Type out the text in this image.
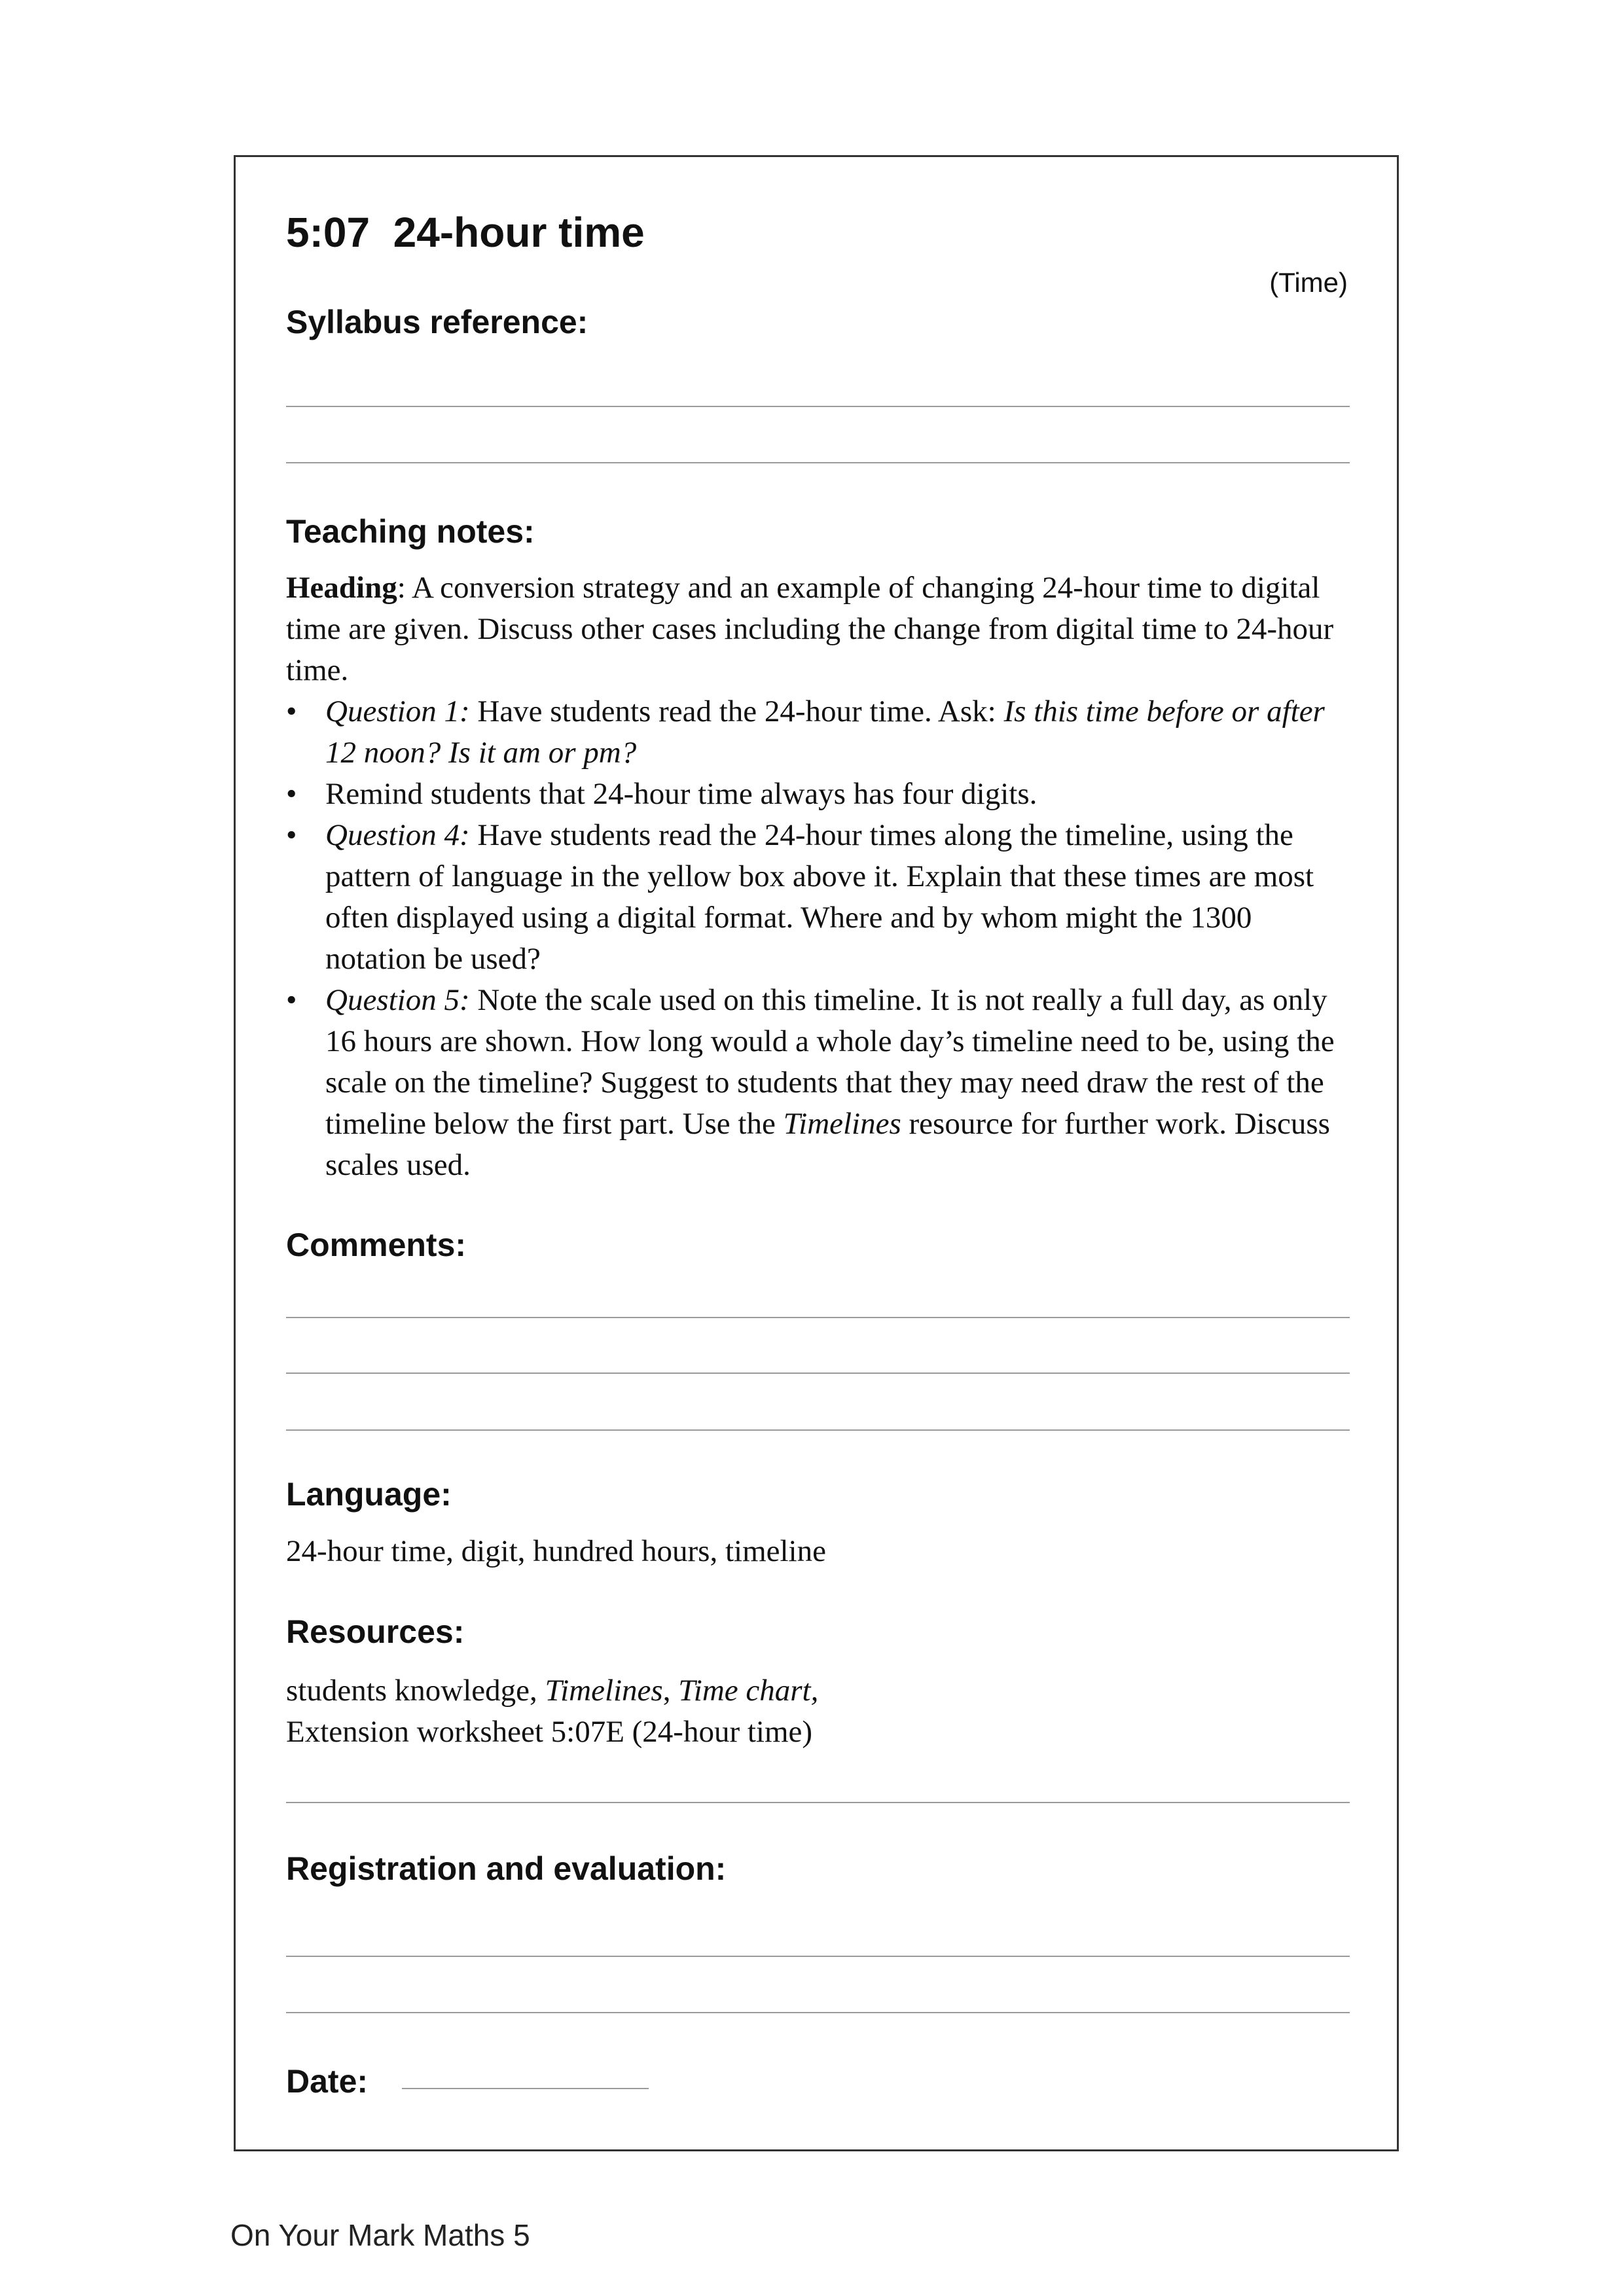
5:07  24-hour time
(Time)
Syllabus reference:
Teaching notes:

Heading: A conversion strategy and an example of changing 24-hour time to digital time are given. Discuss other cases including the change from digital time to 24-hour time.

• Question 1: Have students read the 24-hour time. Ask: Is this time before or after 12 noon? Is it am or pm?
• Remind students that 24-hour time always has four digits.
• Question 4: Have students read the 24-hour times along the timeline, using the pattern of language in the yellow box above it. Explain that these times are most often displayed using a digital format. Where and by whom might the 1300 notation be used?
• Question 5: Note the scale used on this timeline. It is not really a full day, as only 16 hours are shown. How long would a whole day’s timeline need to be, using the scale on the timeline? Suggest to students that they may need draw the rest of the timeline below the first part. Use the Timelines resource for further work. Discuss scales used.
Comments:
Language:
24-hour time, digit, hundred hours, timeline
Resources:

students knowledge, Timelines, Time chart,

Extension worksheet 5:07E (24-hour time)

Registration and evaluation:
Date:
On Your Mark Maths 5
